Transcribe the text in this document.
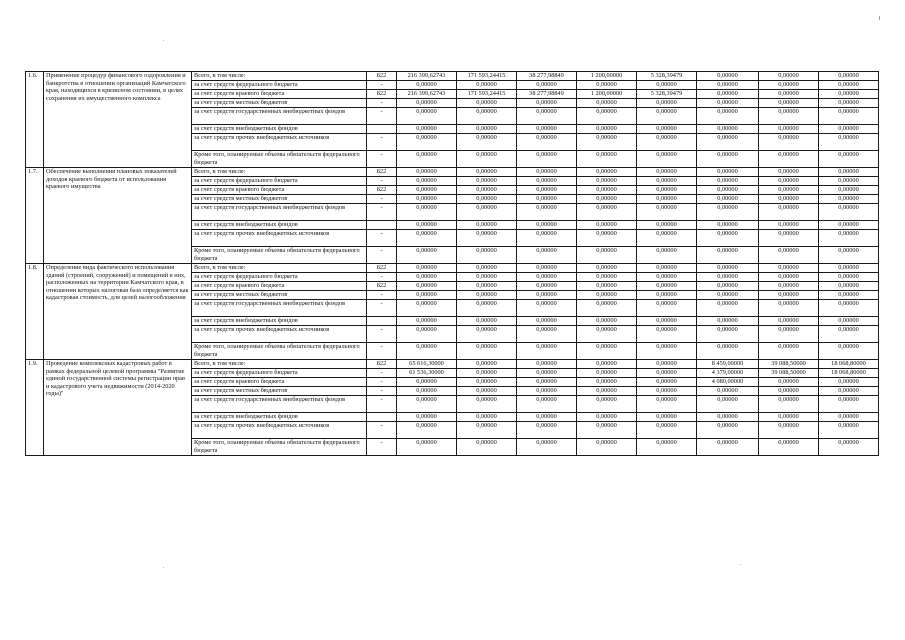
1.6.	Применение процедур финансового оздоровления и банкротства в отношении организаций Камчатского края, находящихся в кризисном состоянии, в целях сохранения их имущественного комплекса	Всего, в том числе:	822	216 399,62743	171 593,24415	38 277,98849	1 200,00000	5 328,39479	0,00000	0,00000	0,00000
		за счет средств федерального бюджета	-	0,00000	0,00000	0,00000	0,00000	0,00000	0,00000	0,00000	0,00000
		за счет средств краевого бюджета	822	216 399,62743	171 593,24415	38 277,98849	1 200,00000	5 328,39479	0,00000	0,00000	0,00000
		за счет средств местных бюджетов	-	0,00000	0,00000	0,00000	0,00000	0,00000	0,00000	0,00000	0,00000
		за счет средств государственных внебюджетных фондов	-	0,00000	0,00000	0,00000	0,00000	0,00000	0,00000	0,00000	0,00000
		за счет средств внебюджетных фондов		0,00000	0,00000	0,00000	0,00000	0,00000	0,00000	0,00000	0,00000
		за счет средств прочих внебюджетных источников	-	0,00000	0,00000	0,00000	0,00000	0,00000	0,00000	0,00000	0,00000
		Кроме того, планируемые объемы обязательств федерального бюджета	-	0,00000	0,00000	0,00000	0,00000	0,00000	0,00000	0,00000	0,00000
1.7.	Обеспечение выполнения плановых показателей доходов краевого бюджета от использования краевого имущества	Всего, в том числе:	822	0,00000	0,00000	0,00000	0,00000	0,00000	0,00000	0,00000	0,00000
		за счет средств федерального бюджета	-	0,00000	0,00000	0,00000	0,00000	0,00000	0,00000	0,00000	0,00000
		за счет средств краевого бюджета	822	0,00000	0,00000	0,00000	0,00000	0,00000	0,00000	0,00000	0,00000
		за счет средств местных бюджетов	-	0,00000	0,00000	0,00000	0,00000	0,00000	0,00000	0,00000	0,00000
		за счет средств государственных внебюджетных фондов	-	0,00000	0,00000	0,00000	0,00000	0,00000	0,00000	0,00000	0,00000
		за счет средств внебюджетных фондов		0,00000	0,00000	0,00000	0,00000	0,00000	0,00000	0,00000	0,00000
		за счет средств прочих внебюджетных источников	-	0,00000	0,00000	0,00000	0,00000	0,00000	0,00000	0,00000	0,00000
		Кроме того, планируемые объемы обязательств федерального бюджета	-	0,00000	0,00000	0,00000	0,00000	0,00000	0,00000	0,00000	0,00000
1.8.	Определение вида фактического использования зданий (строений, сооружений) и помещений в них, расположенных на территории Камчатского края, в отношении которых налоговая база определяется как кадастровая стоимость, для целей налогообложения	Всего, в том числе:	822	0,00000	0,00000	0,00000	0,00000	0,00000	0,00000	0,00000	0,00000
		за счет средств федерального бюджета	-	0,00000	0,00000	0,00000	0,00000	0,00000	0,00000	0,00000	0,00000
		за счет средств краевого бюджета	822	0,00000	0,00000	0,00000	0,00000	0,00000	0,00000	0,00000	0,00000
		за счет средств местных бюджетов	-	0,00000	0,00000	0,00000	0,00000	0,00000	0,00000	0,00000	0,00000
		за счет средств государственных внебюджетных фондов	-	0,00000	0,00000	0,00000	0,00000	0,00000	0,00000	0,00000	0,00000
		за счет средств внебюджетных фондов		0,00000	0,00000	0,00000	0,00000	0,00000	0,00000	0,00000	0,00000
		за счет средств прочих внебюджетных источников	-	0,00000	0,00000	0,00000	0,00000	0,00000	0,00000	0,00000	0,00000
		Кроме того, планируемые объемы обязательств федерального бюджета	-	0,00000	0,00000	0,00000	0,00000	0,00000	0,00000	0,00000	0,00000
1.9.	Проведение комплексных кадастровых работ в рамках федеральной целевой программы "Развитие единой государственной системы регистрации прав и кадастрового учета недвижимости (2014-2020 годы)"	Всего, в том числе:	822	65 616,30000	0,00000	0,00000	0,00000	0,00000	8 459,00000	39 088,50000	18 068,80000
		за счет средств федерального бюджета	-	61 536,30000	0,00000	0,00000	0,00000	0,00000	4 379,00000	39 088,50000	18 068,80000
		за счет средств краевого бюджета	-	0,00000	0,00000	0,00000	0,00000	0,00000	4 080,00000	0,00000	0,00000
		за счет средств местных бюджетов	-	0,00000	0,00000	0,00000	0,00000	0,00000	0,00000	0,00000	0,00000
		за счет средств государственных внебюджетных фондов	-	0,00000	0,00000	0,00000	0,00000	0,00000	0,00000	0,00000	0,00000
		за счет средств внебюджетных фондов		0,00000	0,00000	0,00000	0,00000	0,00000	0,00000	0,00000	0,00000
		за счет средств прочих внебюджетных источников	-	0,00000	0,00000	0,00000	0,00000	0,00000	0,00000	0,00000	0,00000
		Кроме того, планируемые объемы обязательств федерального бюджета	-	0,00000	0,00000	0,00000	0,00000	0,00000	0,00000	0,00000	0,00000
